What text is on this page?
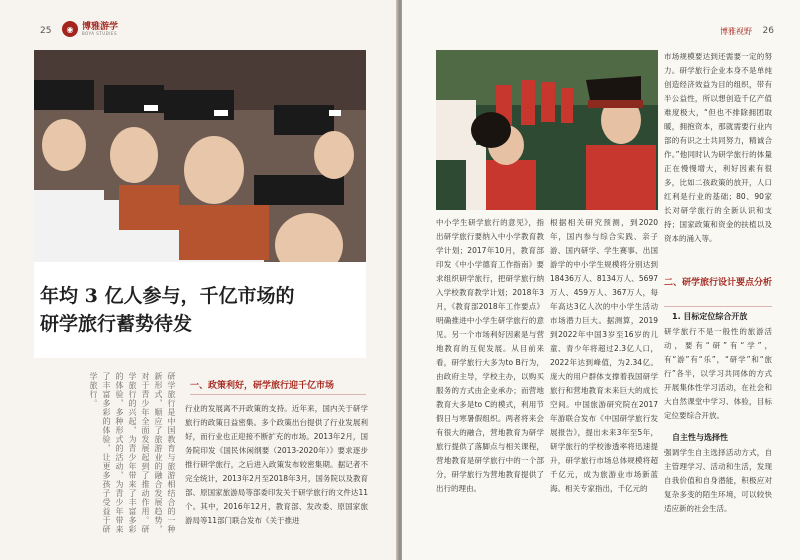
25	◉ 博雅游学
BOYA STUDIES
年均 3 亿人参与，千亿市场的
研学旅行蓄势待发
研学旅行是中国教育与旅游相结合的一种新形式，顺应了旅游业的融合发展趋势，对于青少年全面发展起到了推动作用。研学旅行的兴起，为青少年带来了丰富多彩的体验，多种形式的活动，为青少年带来了丰富多彩的体验，让更多孩子受益于研学旅行。	一、政策利好，研学旅行迎千亿市场
行业的发展离不开政策的支持。近年来，国内关于研学旅行的政策日益密集。多个政策出台提供了行业发展利好，而行业也正迎接不断扩充的市场。2013年2月，国务院印发《国民休闲纲要（2013-2020年）》要求逐步推行研学旅行，之后进入政策发布较密集期。据记者不完全统计，2013年2月至2018年3月，国务院以及教育部、原国家旅游局等部委印发关于研学旅行的文件达11个。其中，2016年12月，教育部、发改委、原国家旅游局等11部门联合发布《关于推进
博雅视野 26
中小学生研学旅行的意见》，指出研学旅行要纳入中小学教育教学计划；2017年10月，教育部印发《中小学德育工作指南》要求组织研学旅行，把研学旅行纳入学校教育教学计划；2018年3月，《教育部2018年工作要点》明确推进中小学生研学旅行的意见。另一个市场利好因素是与营地教育的互促发展。从目前来看，研学旅行大多为to B行为，由政府主导，学校主办，以购买服务的方式由企业承办；而营地教育大多是to C的模式，利用节假日与寒暑假组织。两者将来会有很大的融合，营地教育为研学旅行提供了落脚点与相关课程，营地教育是研学旅行中的一个部分，研学旅行为营地教育提供了出行的理由。
根据相关研究预测，到2020年，国内参与综合实践、亲子游、国内研学、学生赛事、出国游学的中小学生规模将分别达到18436万人、8134万人、5697万人、459万人、367万人，每年高达3亿人次的中小学生活动市场潜力巨大。据测算，2019到2022年中国3岁至16岁的儿童、青少年将超过2.3亿人口，2022年达到峰值，为2.34亿。庞大的用户群体支撑着我国研学旅行和营地教育未来巨大的成长空间。中国旅游研究院在2017年游联合发布《中国研学旅行发展报告》，提出未来3年至5年，研学旅行的学校渗透率将迅速提升，研学旅行市场总体规模将超千亿元，成为旅游业市场新蓝海。相关专家指出，千亿元的
市场规模要达到还需要一定的努力。研学旅行企业本身不是单纯创造经济效益为目的组织，带有半公益性，所以想创造千亿产值难度极大，“但也不排除拥团取暖，拥抱资本，那就需要行业内部的有识之士共同努力，精诚合作。”他同时认为研学旅行的体量正在慢慢增大，利好因素有很多，比如二孩政策的放开，人口红利是行业的基础；80、90家长对研学旅行的全新认识和支持；国家政策和资金的扶植以及资本的涌入等。
二、研学旅行设计要点分析
1. 目标定位综合开放
研学旅行不是一般性的旅游活动，要有“研”有“学”，有“游”有“乐”，“研学”和“旅行”各半，以学习共同体的方式开展集体性学习活动，在社会和大自然课堂中学习、体验，目标定位要综合开放。
自主性与选择性
强调学生自主选择活动方式，自主管理学习、活动和生活，发现自我价值和自身潜能，积极应对复杂多变的陌生环境，可以较快适应新的社会生活。
